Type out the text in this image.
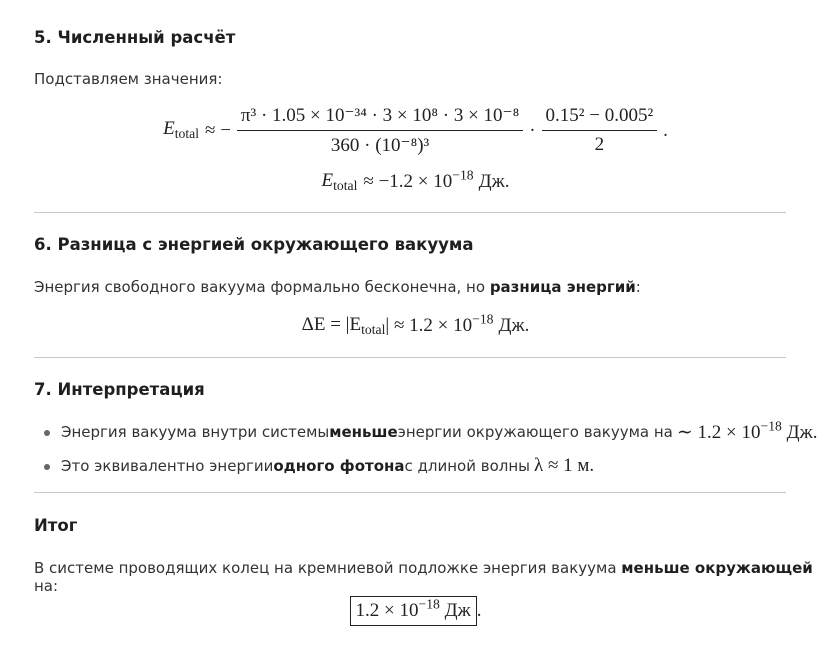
5. Численный расчёт

Подставляем значения:

$E_{total}$ ≈ − $\frac{\text{π³ · 1.05 × 10⁻³⁴ · 3 × 10⁸ · 3 × 10⁻⁸}}{\text{360 · (10⁻⁸)³}} \cdot \frac{\text{0.15² − 0.005²}}{2}$ .
$E_{total} \approx -1.2 \times 10^{-18}$ Дж.
6. Разница с энергией окружающего вакуума

Энергия свободного вакуума формально бесконечна, но разница энергий:

$\Delta E = |E_{total}$ | ≈ $1.2 \times 10^{-18}$ Дж.
7. Интерпретация
Энергия вакуума внутри системы меньше энергии окружающего вакуума на ∼ $1.2 \times 10^{-18}$ Дж.
Это эквивалентно энергии одного фотона с длиной волны λ ≈ 1 м.
Итог

В системе проводящих колец на кремниевой подложке энергия вакуума меньше окружающей на:

$1.2 \times 10^{-18}$ Дж .
